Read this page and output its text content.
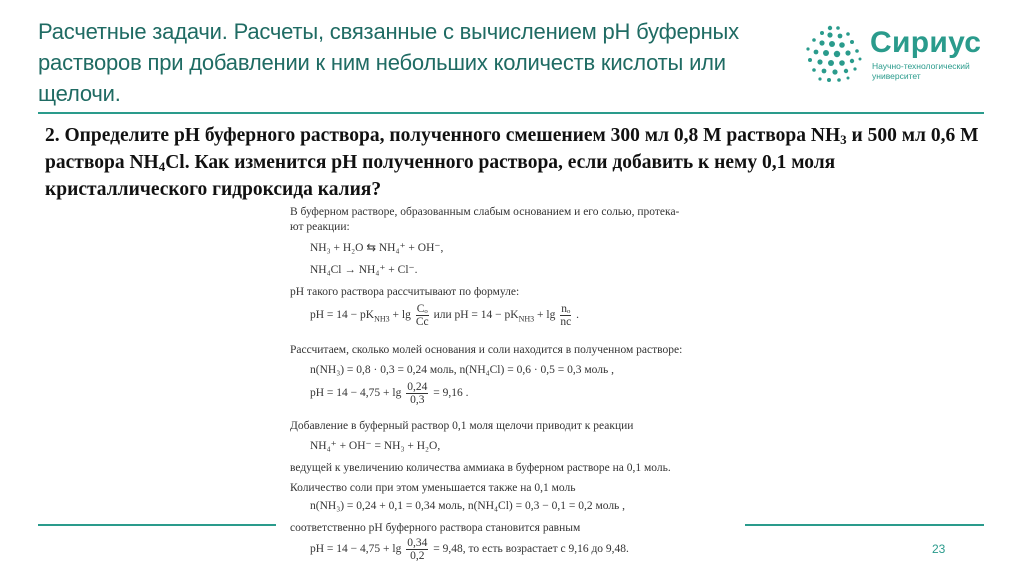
Расчетные задачи. Расчеты, связанные с вычислением pH буферных растворов при добавлении к ним небольших количеств кислоты или щелочи.
Сириус
Научно-технологический университет
2. Определите pH буферного раствора, полученного смешением 300 мл 0,8 М раствора $NH_3$ и 500 мл 0,6 М раствора $NH_4Cl$. Как изменится pH полученного раствора, если добавить к нему 0,1 моля кристаллического гидроксида калия?
В буферном растворе, образованным слабым основанием и его солью, протека-
ют реакции:
NH₃ + H₂O ⇆ NH₄⁺ + OH⁻,
NH₄Cl → NH₄⁺ + Cl⁻.
pH такого раствора рассчитывают по формуле:
pH = $14 - pK_{NH3} + \lg \frac{\text{Cₒ}}{Cс}$ или pH = $14 - pK_{NH3} + \lg \frac{\text{nₒ}}{nс}$ .
Рассчитаем, сколько молей основания и соли находится в полученном растворе:
n(NH₃) = 0,8 · 0,3 = 0,24 моль, n(NH₄Cl) = 0,6 · 0,5 = 0,3 моль ,
pH = $14 - 4,75 + \lg \frac{0,24}{0,3} = 9,16$ .
Добавление в буферный раствор 0,1 моля щелочи приводит к реакции
NH₄⁺ + OH⁻ = NH₃ + H₂O,
ведущей к увеличению количества аммиака в буферном растворе на 0,1 моль.
Количество соли при этом уменьшается также на 0,1 моль
n(NH₃) = 0,24 + 0,1 = 0,34 моль, n(NH₄Cl) = 0,3 − 0,1 = 0,2 моль ,
соответственно pH буферного раствора становится равным
pH = $14 - 4,75 + \lg \frac{0,34}{0,2} = 9,48$, то есть возрастает с 9,16 до 9,48.	23
